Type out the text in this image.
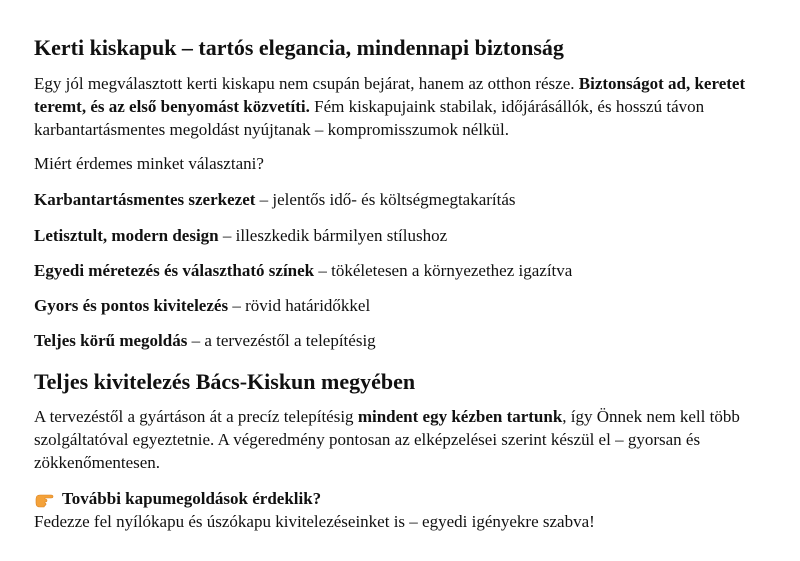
Kerti kiskapuk – tartós elegancia, mindennapi biztonság

Egy jól megválasztott kerti kiskapu nem csupán bejárat, hanem az otthon része. Biztonságot ad, keretet teremt, és az első benyomást közvetíti. Fém kiskapujaink stabilak, időjárásállók, és hosszú távon karbantartásmentes megoldást nyújtanak – kompromisszumok nélkül.

Miért érdemes minket választani?

Karbantartásmentes szerkezet – jelentős idő- és költségmegtakarítás

Letisztult, modern design – illeszkedik bármilyen stílushoz

Egyedi méretezés és választható színek – tökéletesen a környezethez igazítva

Gyors és pontos kivitelezés – rövid határidőkkel

Teljes körű megoldás – a tervezéstől a telepítésig

Teljes kivitelezés Bács-Kiskun megyében

A tervezéstől a gyártáson át a precíz telepítésig mindent egy kézben tartunk, így Önnek nem kell több szolgáltatóval egyeztetnie. A végeredmény pontosan az elképzelései szerint készül el – gyorsan és zökkenőmentesen.

További kapumegoldások érdeklik?

Fedezze fel nyílókapu és úszókapu kivitelezéseinket is – egyedi igényekre szabva!
